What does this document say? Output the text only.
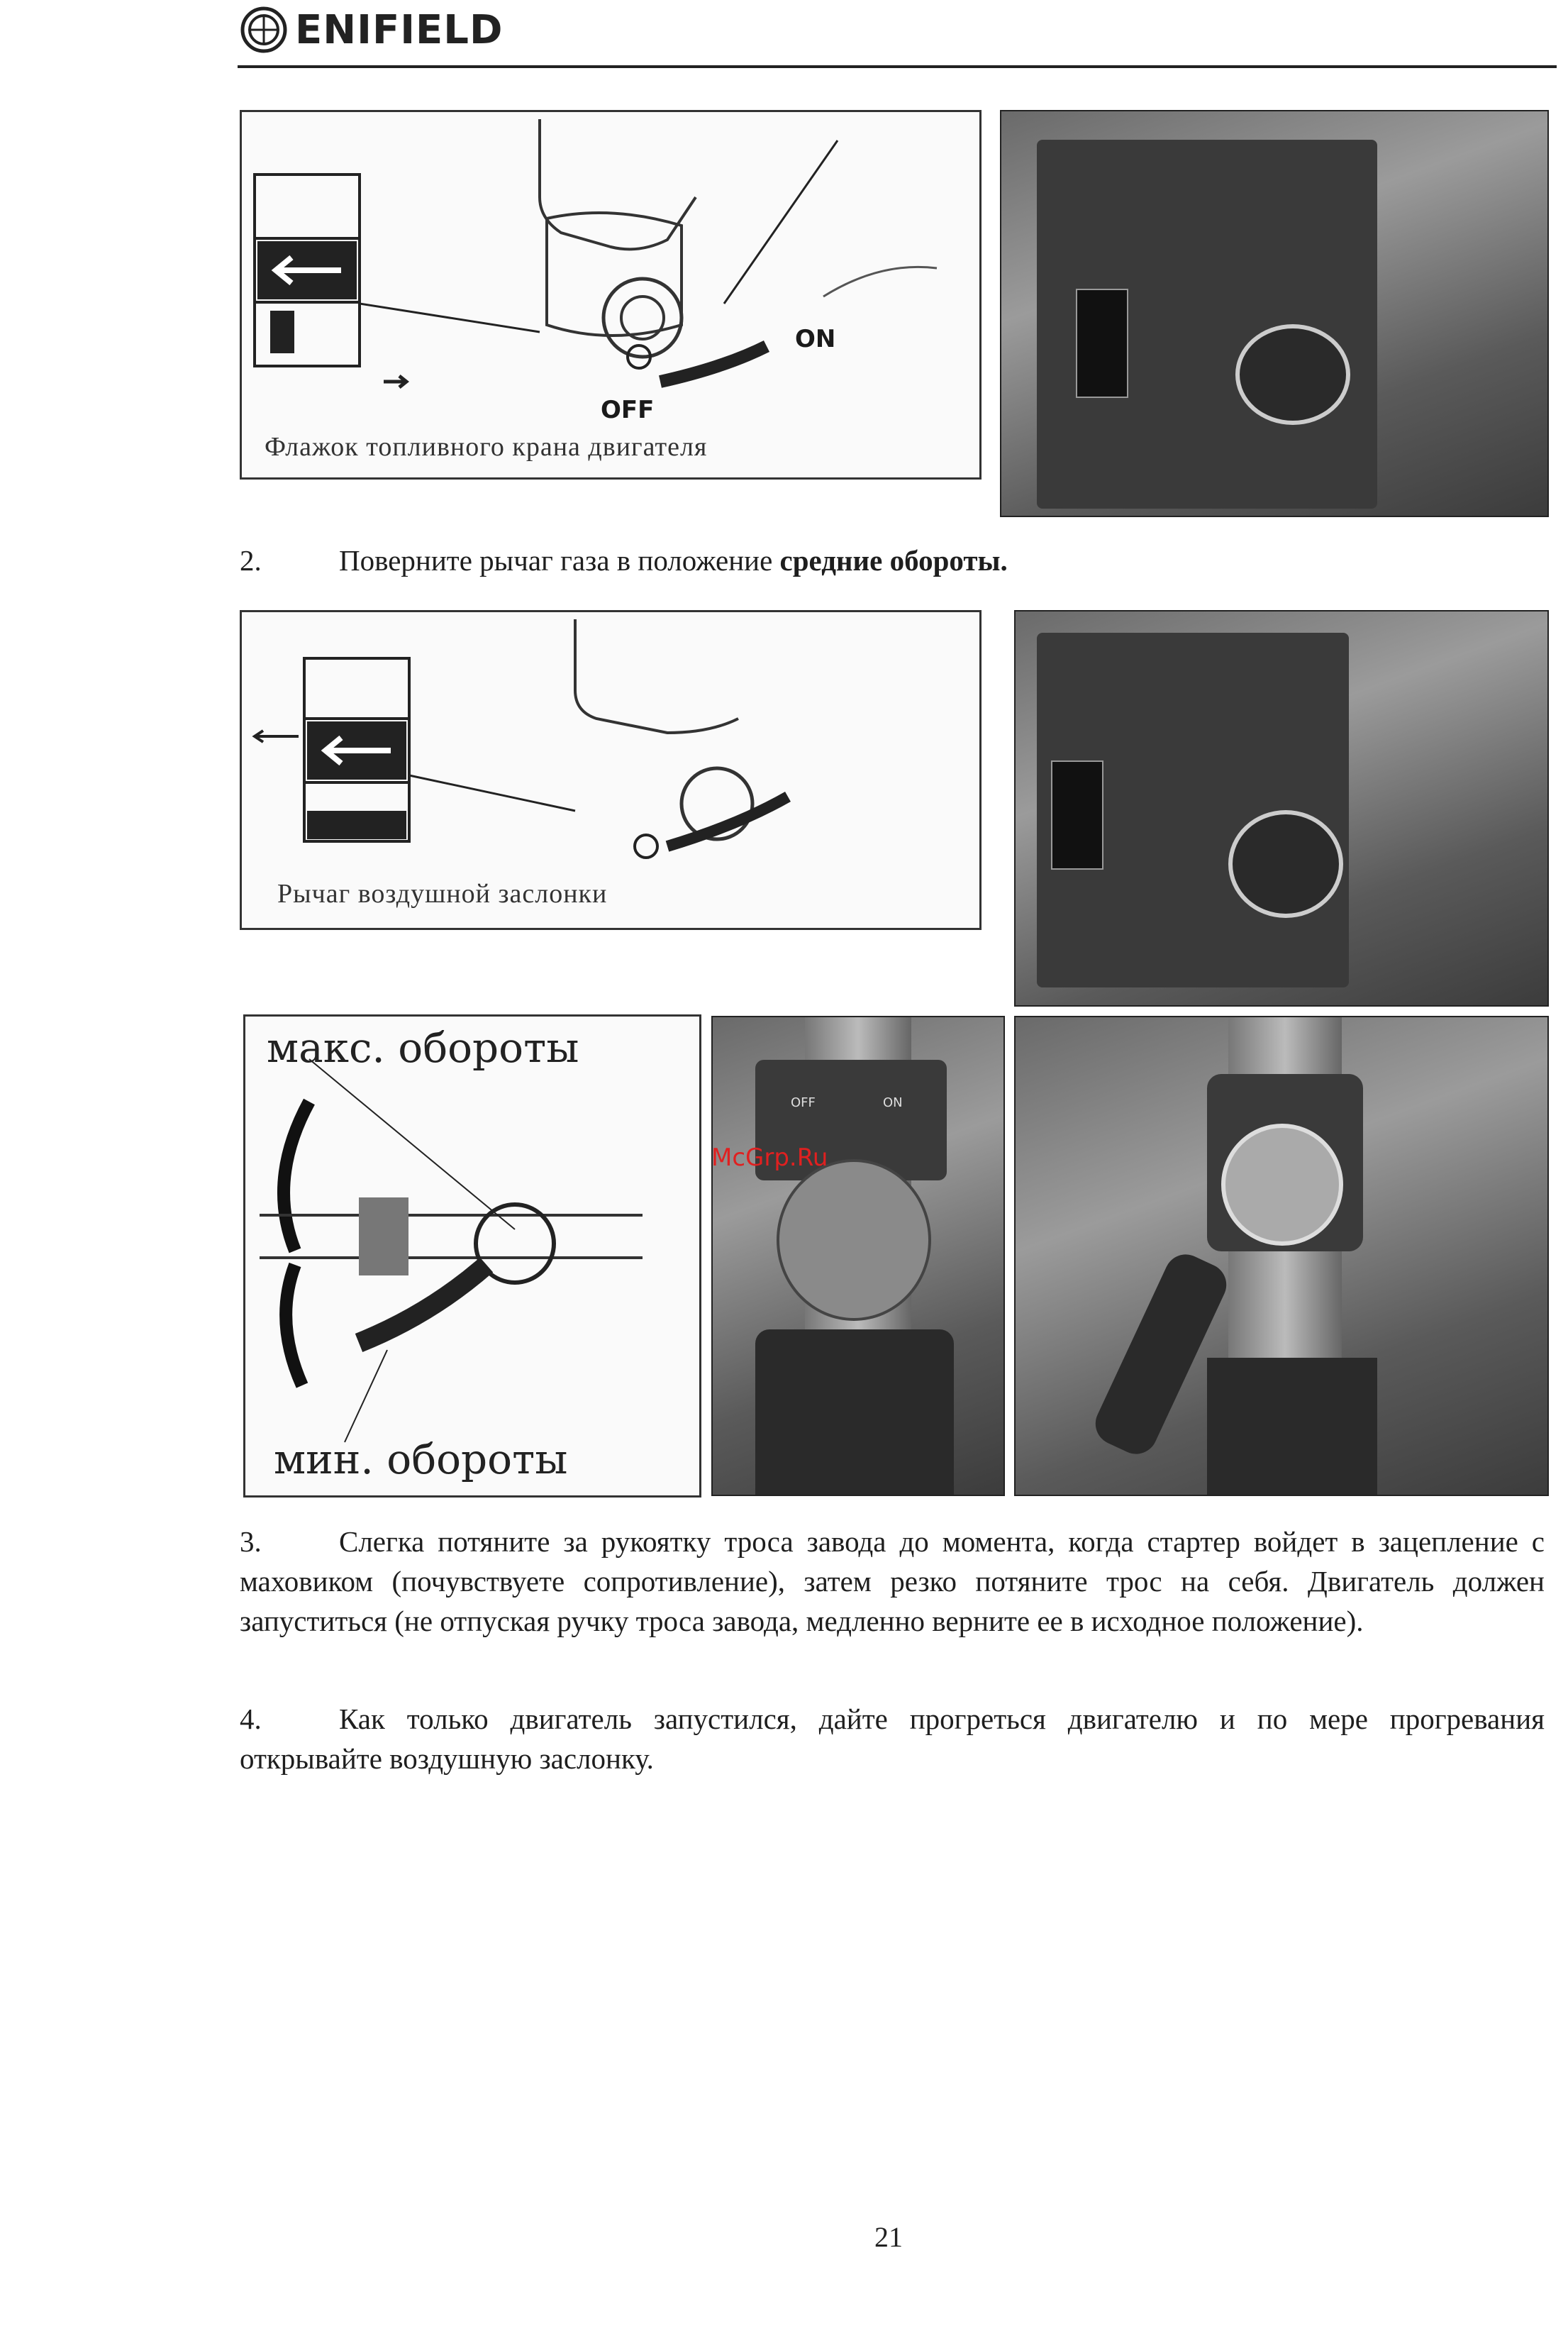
ENIFIELD
Флажок топливного крана двигателя
OFF
ON
2.	Поверните рычаг газа в положение средние обороты.
Рычаг воздушной заслонки
макс. обороты
мин. обороты
OFF	ON
McGrp.Ru
3.	Слегка потяните за рукоятку троса завода до момента, когда стартер войдет в зацепление с маховиком (почувствуете сопротивление), затем резко потяните трос на себя. Двигатель должен запуститься (не отпуская ручку троса завода, медленно верните ее в исходное положение).
4.	Как только двигатель запустился, дайте прогреться двигателю и по мере прогревания открывайте воздушную заслонку.
21
